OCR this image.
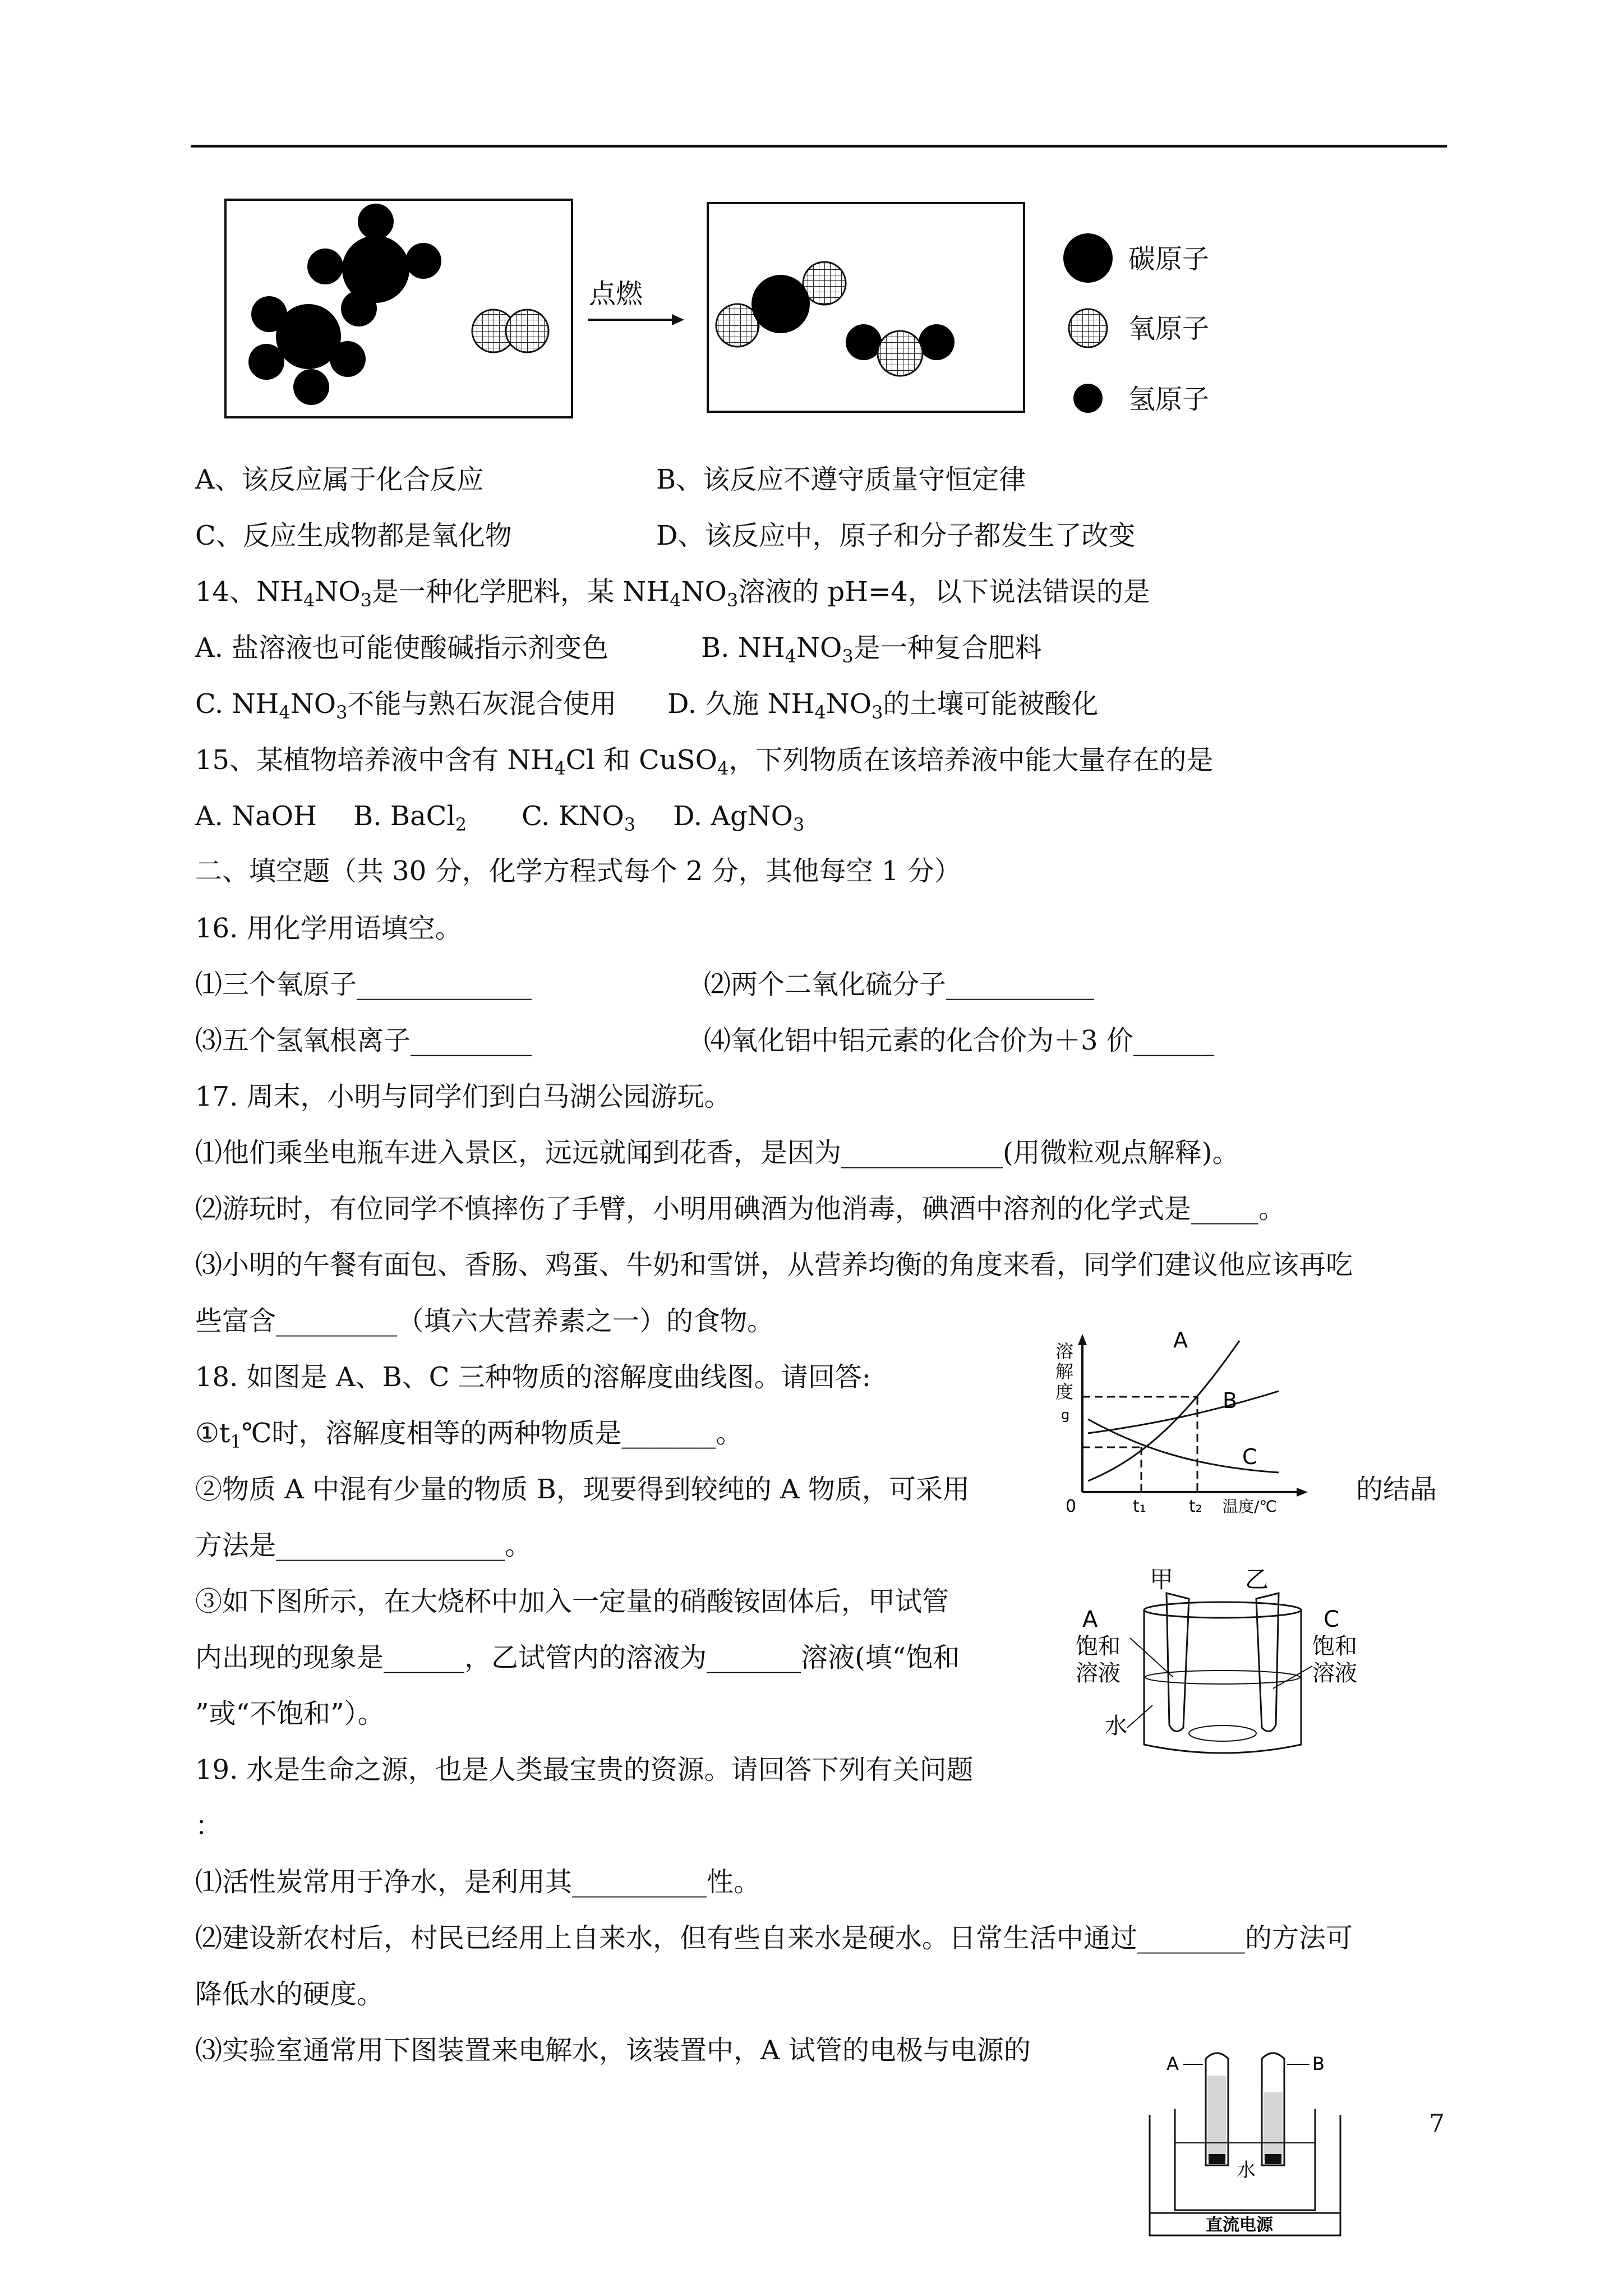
点燃
碳原子
氧原子
氢原子
A、该反应属于化合反应	B、该反应不遵守质量守恒定律
C、反应生成物都是氧化物	D、该反应中，原子和分子都发生了改变
14、$NH_4NO_3$是一种化学肥料，某 $NH_4NO_3$溶液的 pH=4，以下说法错误的是
A. 盐溶液也可能使酸碱指示剂变色	B. $NH_4NO_3$是一种复合肥料
C. $NH_4NO_3$不能与熟石灰混合使用 D. 久施 $NH_4NO_3$的土壤可能被酸化
15、某植物培养液中含有 $NH_4Cl$ 和 CuSO$_4$，下列物质在该培养液中能大量存在的是
A. NaOH B. BaCl$_2$ C. $KNO_3$ D. AgNO$_3$
二、填空题（共 30 分，化学方程式每个 2 分，其他每空 1 分）
16. 用化学用语填空。
⑴三个氧原子_____________	⑵两个二氧化硫分子___________
⑶五个氢氧根离子_________	⑷氧化铝中铝元素的化合价为＋3 价______
17. 周末，小明与同学们到白马湖公园游玩。
⑴他们乘坐电瓶车进入景区，远远就闻到花香，是因为____________(用微粒观点解释)。
⑵游玩时，有位同学不慎摔伤了手臂，小明用碘酒为他消毒，碘酒中溶剂的化学式是_____。
⑶小明的午餐有面包、香肠、鸡蛋、牛奶和雪饼，从营养均衡的角度来看，同学们建议他应该再吃
些富含_________（填六大营养素之一）的食物。
18. 如图是 A、B、C 三种物质的溶解度曲线图。请回答:
$①t_1℃$时，溶解度相等的两种物质是_______。
②物质 A 中混有少量的物质 B，现要得到较纯的 A 物质，可采用	的结晶
方法是_________________。
③如下图所示，在大烧杯中加入一定量的硝酸铵固体后，甲试管
内出现的现象是______，乙试管内的溶液为_______溶液(填“饱和
”或“不饱和”）。
溶
解
度
g
A
B
C
0	t₁	t₂ 温度/℃
甲	乙
A
饱和
溶液
C
饱和
溶液
水
19. 水是生命之源，也是人类最宝贵的资源。请回答下列有关问题
：
⑴活性炭常用于净水，是利用其__________性。
⑵建设新农村后，村民已经用上自来水，但有些自来水是硬水。日常生活中通过________的方法可
降低水的硬度。
⑶实验室通常用下图装置来电解水，该装置中，A 试管的电极与电源的	A	B
水
直流电源
7
